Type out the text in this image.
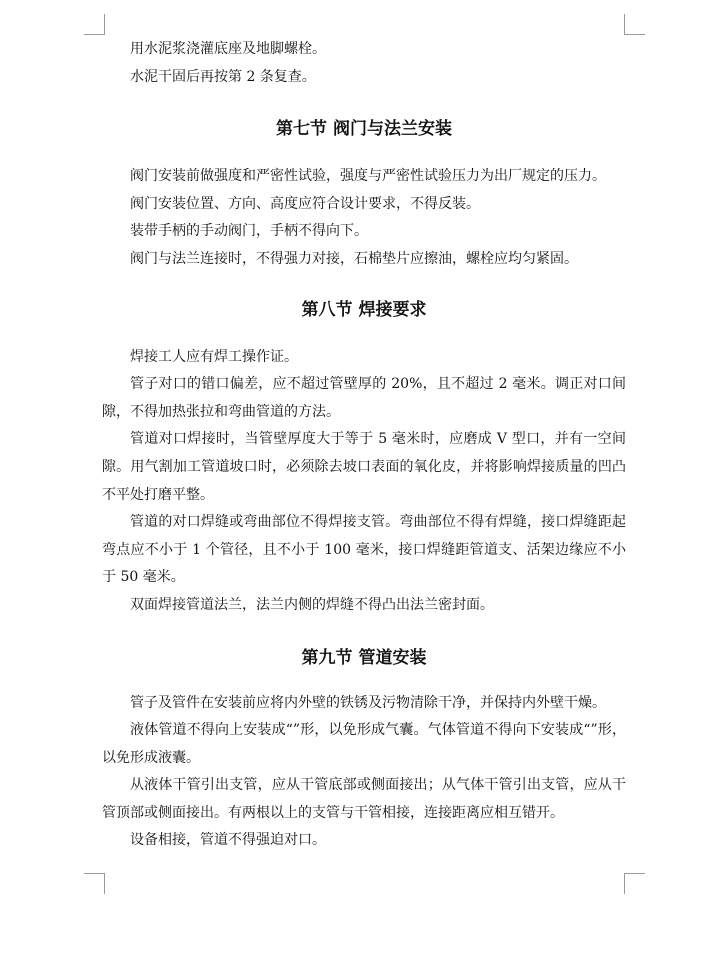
用水泥浆浇灌底座及地脚螺栓。

水泥干固后再按第 2 条复查。

第七节 阀门与法兰安装

阀门安装前做强度和严密性试验，强度与严密性试验压力为出厂规定的压力。

阀门安装位置、方向、高度应符合设计要求，不得反装。

装带手柄的手动阀门，手柄不得向下。

阀门与法兰连接时，不得强力对接，石棉垫片应擦油，螺栓应均匀紧固。

第八节 焊接要求

焊接工人应有焊工操作证。

管子对口的错口偏差，应不超过管壁厚的 20%，且不超过 2 毫米。调正对口间隙，不得加热张拉和弯曲管道的方法。

管道对口焊接时，当管壁厚度大于等于 5 毫米时，应磨成 V 型口，并有一空间隙。用气割加工管道坡口时，必须除去坡口表面的氧化皮，并将影响焊接质量的凹凸不平处打磨平整。

管道的对口焊缝或弯曲部位不得焊接支管。弯曲部位不得有焊缝，接口焊缝距起弯点应不小于 1 个管径，且不小于 100 毫米，接口焊缝距管道支、活架边缘应不小于 50 毫米。

双面焊接管道法兰，法兰内侧的焊缝不得凸出法兰密封面。

第九节 管道安装

管子及管件在安装前应将内外壁的铁锈及污物清除干净，并保持内外壁干燥。

液体管道不得向上安装成“”形，以免形成气囊。气体管道不得向下安装成“”形，以免形成液囊。

从液体干管引出支管，应从干管底部或侧面接出；从气体干管引出支管，应从干管顶部或侧面接出。有两根以上的支管与干管相接，连接距离应相互错开。

设备相接，管道不得强迫对口。
